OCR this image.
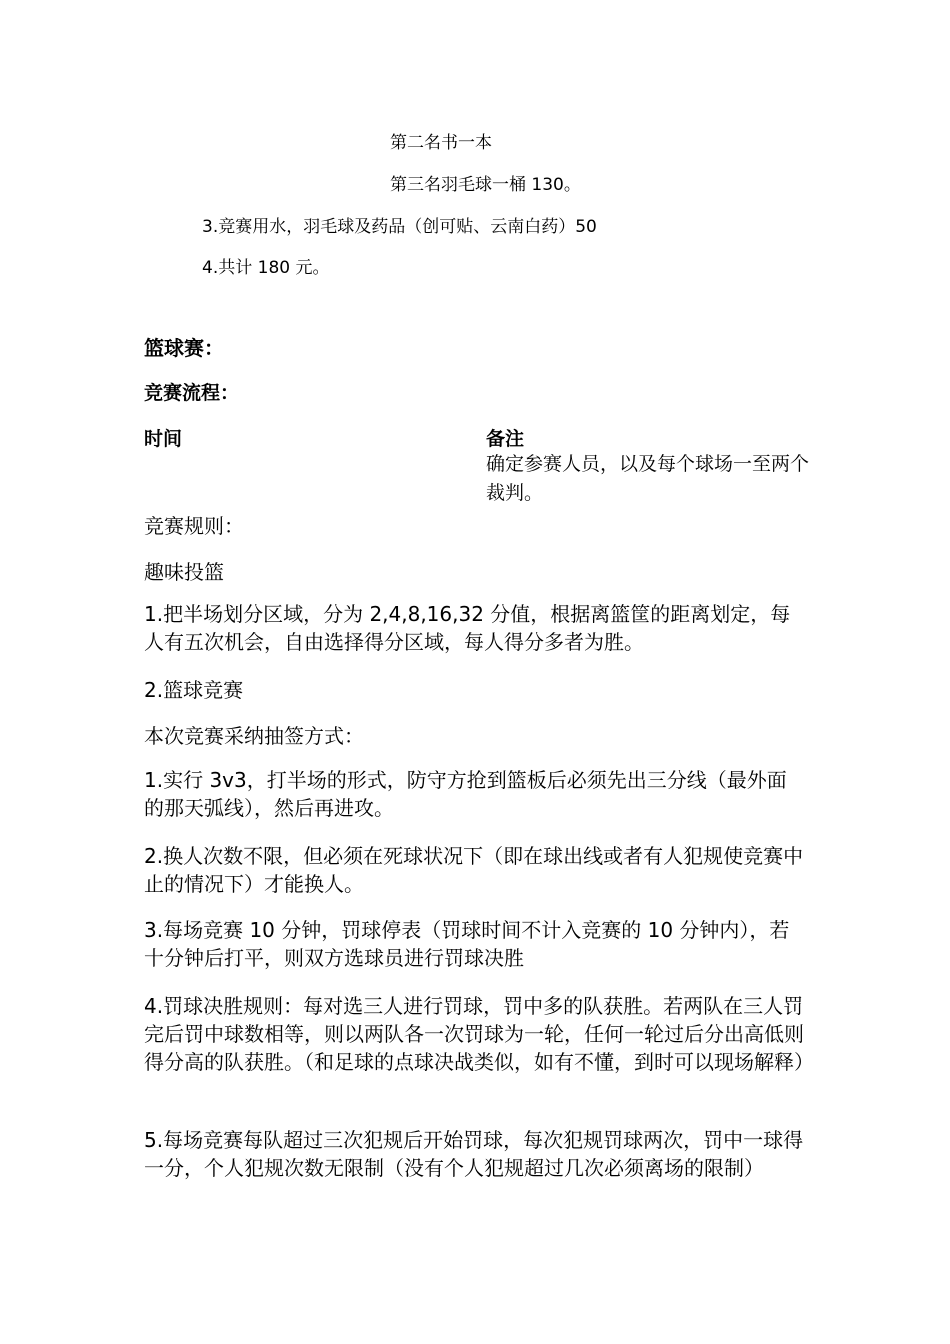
第二名书一本
第三名羽毛球一桶 130。
3.竞赛用水，羽毛球及药品（创可贴、云南白药）50
4.共计 180 元。
篮球赛：
竞赛流程：
时间	备注
确定参赛人员，以及每个球场一至两个裁判。
竞赛规则：
趣味投篮
1.把半场划分区域，分为 2,4,8,16,32 分值，根据离篮筐的距离划定，每人有五次机会，自由选择得分区域，每人得分多者为胜。
2.篮球竞赛
本次竞赛采纳抽签方式：
1.实行 3v3，打半场的形式，防守方抢到篮板后必须先出三分线（最外面的那天弧线），然后再进攻。
2.换人次数不限，但必须在死球状况下（即在球出线或者有人犯规使竞赛中止的情况下）才能换人。
3.每场竞赛 10 分钟，罚球停表（罚球时间不计入竞赛的 10 分钟内），若十分钟后打平，则双方选球员进行罚球决胜
4.罚球决胜规则：每对选三人进行罚球，罚中多的队获胜。若两队在三人罚完后罚中球数相等，则以两队各一次罚球为一轮，任何一轮过后分出高低则得分高的队获胜。（和足球的点球决战类似，如有不懂，到时可以现场解释）
5.每场竞赛每队超过三次犯规后开始罚球，每次犯规罚球两次，罚中一球得一分，个人犯规次数无限制（没有个人犯规超过几次必须离场的限制）
